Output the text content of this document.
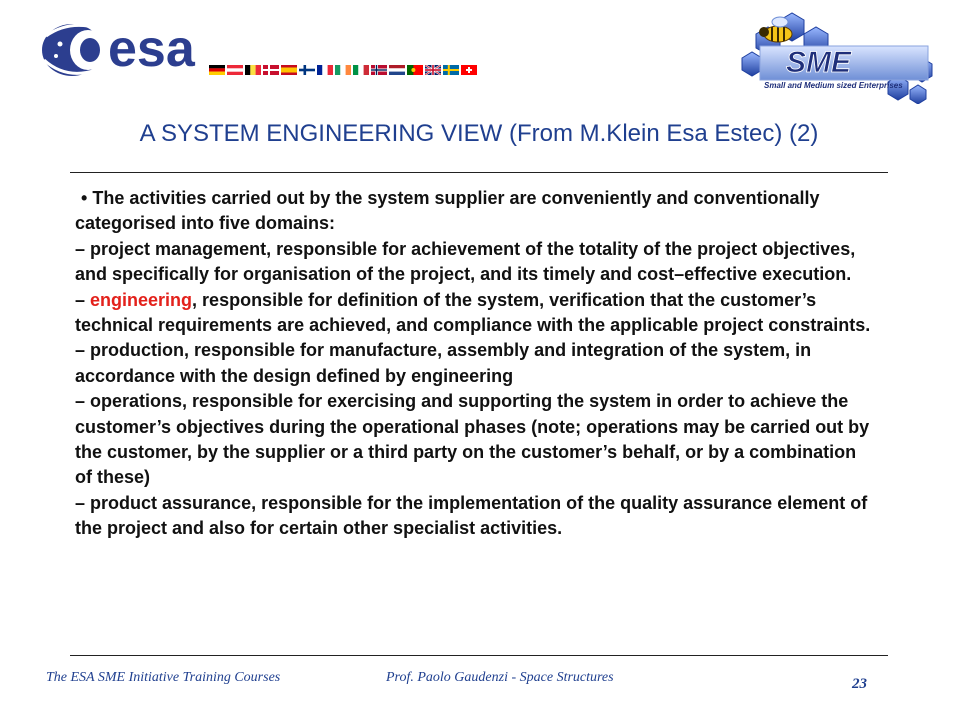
esa	SME
Small and Medium sized Enterprises
A SYSTEM ENGINEERING VIEW (From M.Klein Esa Estec) (2)

• The activities carried out by the system supplier are conveniently and conventionally categorised into five domains:

– project management, responsible for achievement of the totality of the project objectives, and specifically for organisation of the project, and its timely and cost–effective execution.

– engineering, responsible for definition of the system, verification that the customer’s technical requirements are achieved, and compliance with the applicable project constraints.

– production, responsible for manufacture, assembly and integration of the system, in accordance with the design defined by engineering

– operations, responsible for exercising and supporting the system in order to achieve the customer’s objectives during the operational phases (note; operations may be carried out by the customer, by the supplier or a third party on the customer’s behalf, or by a combination of these)

– product assurance, responsible for the implementation of the quality assurance element of the project and also for certain other specialist activities.

The ESA SME Initiative Training Courses	Prof. Paolo Gaudenzi - Space Structures	23
